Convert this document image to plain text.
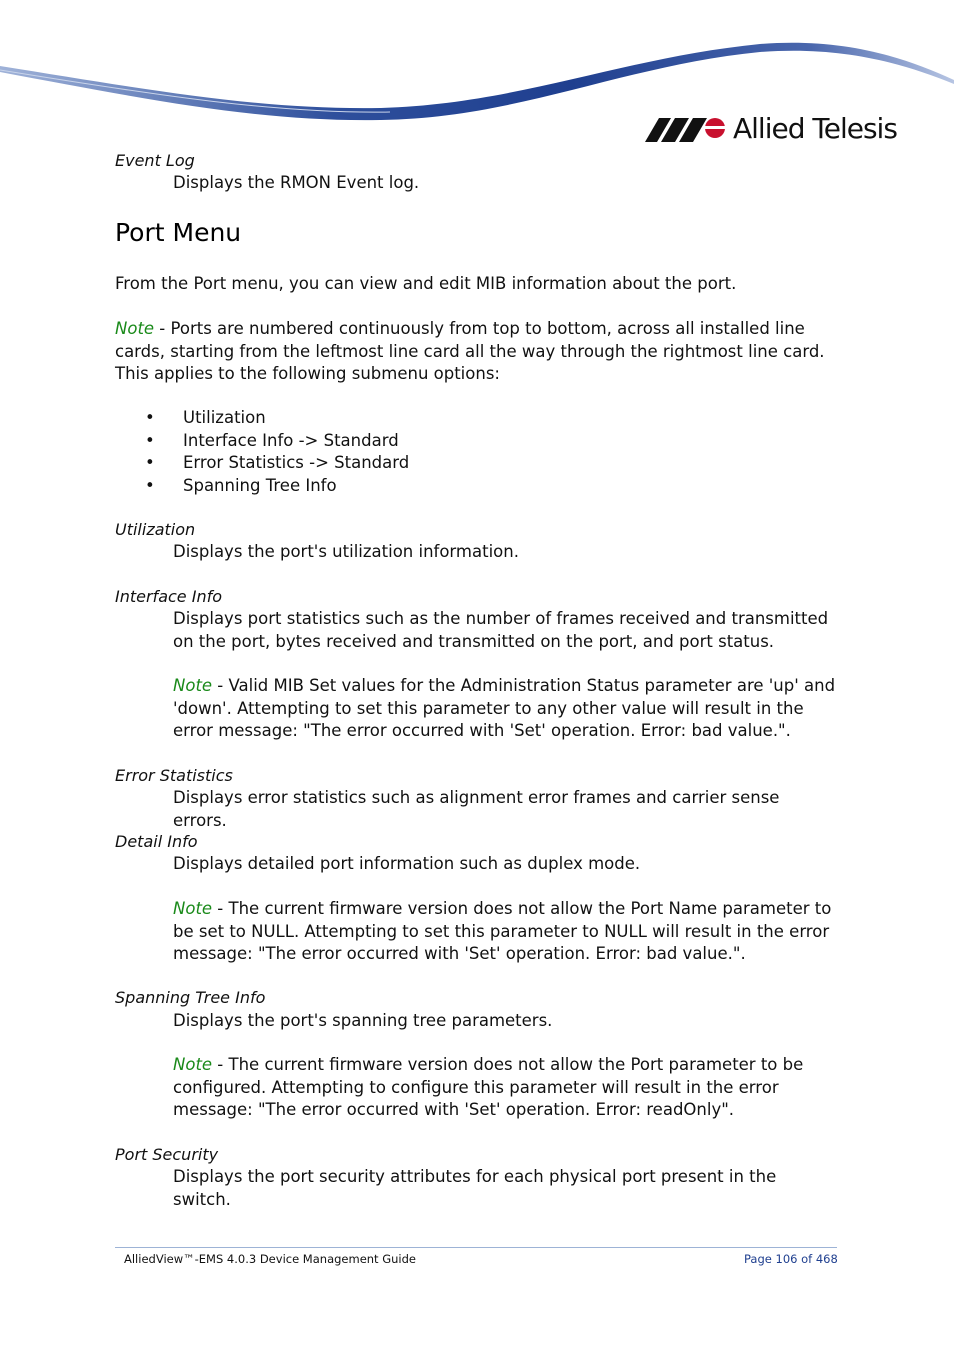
Allied Telesis
Event Log
Displays the RMON Event log.
Port Menu
From the Port menu, you can view and edit MIB information about the port.
Note - Ports are numbered continuously from top to bottom, across all installed line cards, starting from the leftmost line card all the way through the rightmost line card. This applies to the following submenu options:
• Utilization
• Interface Info -> Standard
• Error Statistics -> Standard
• Spanning Tree Info
Utilization
Displays the port's utilization information.
Interface Info
Displays port statistics such as the number of frames received and transmitted on the port, bytes received and transmitted on the port, and port status.
Note - Valid MIB Set values for the Administration Status parameter are 'up' and 'down'. Attempting to set this parameter to any other value will result in the error message: "The error occurred with 'Set' operation. Error: bad value.".
Error Statistics
Displays error statistics such as alignment error frames and carrier sense errors.
Detail Info
Displays detailed port information such as duplex mode.
Note - The current firmware version does not allow the Port Name parameter to be set to NULL. Attempting to set this parameter to NULL will result in the error message: "The error occurred with 'Set' operation. Error: bad value.".
Spanning Tree Info
Displays the port's spanning tree parameters.
Note - The current firmware version does not allow the Port parameter to be configured. Attempting to configure this parameter will result in the error message: "The error occurred with 'Set' operation. Error: readOnly".
Port Security
Displays the port security attributes for each physical port present in the switch.
AlliedView™-EMS 4.0.3 Device Management Guide	Page 106 of 468
